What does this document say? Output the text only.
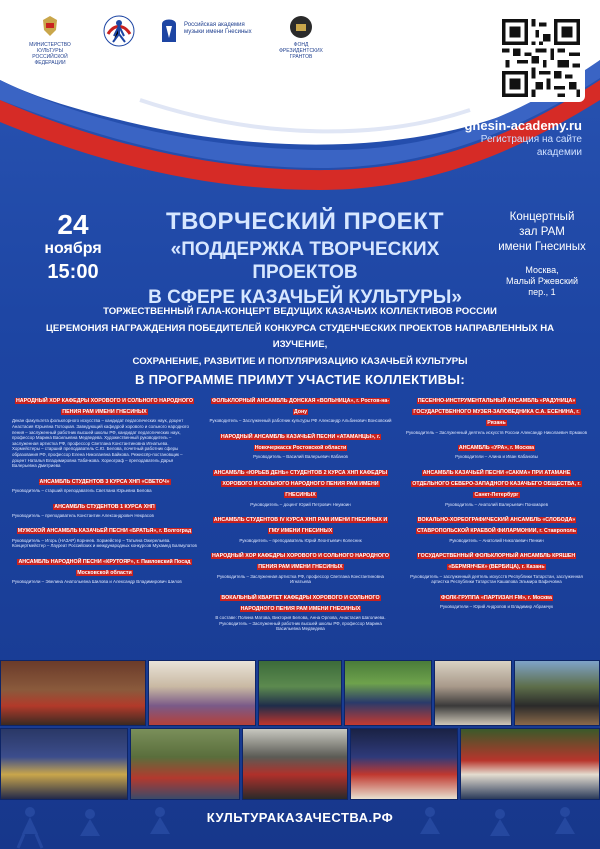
МИНИСТЕРСТВО КУЛЬТУРЫ РОССИЙСКОЙ ФЕДЕРАЦИИ
Российская академия музыки имени Гнесиных
ФОНД ФРЕЗИДЕНТСКИХ ГРАНТОВ
gnesin-academy.ru
Регистрация на сайте
академии
24
ноября
15:00
ТВОРЧЕСКИЙ ПРОЕКТ
«ПОДДЕРЖКА ТВОРЧЕСКИХ ПРОЕКТОВ
В СФЕРЕ КАЗАЧЬЕЙ КУЛЬТУРЫ»
Концертный
зал РАМ
имени Гнесиных
Москва,
Малый Ржевский пер., 1
ТОРЖЕСТВЕННЫЙ ГАЛА-КОНЦЕРТ ВЕДУЩИХ КАЗАЧЬИХ КОЛЛЕКТИВОВ РОССИИ
ЦЕРЕМОНИЯ НАГРАЖДЕНИЯ ПОБЕДИТЕЛЕЙ КОНКУРСА СТУДЕНЧЕСКИХ ПРОЕКТОВ НАПРАВЛЕННЫХ НА ИЗУЧЕНИЕ,
СОХРАНЕНИЕ, РАЗВИТИЕ И ПОПУЛЯРИЗАЦИЮ КАЗАЧЬЕЙ КУЛЬТУРЫ
В ПРОГРАММЕ ПРИМУТ УЧАСТИЕ КОЛЛЕКТИВЫ:
НАРОДНЫЙ ХОР КАФЕДРЫ ХОРОВОГО И СОЛЬНОГО НАРОДНОГО ПЕНИЯ РАМ ИМЕНИ ГНЕСИНЫХ
Декан факультета фольклорного искусства – кандидат педагогических наук, доцент Анастасия Юрьевна Потоцкая. Заведующий кафедрой хорового и сольного народного пения – заслуженный работник высшей школы РФ, кандидат педагогических наук, профессор Марина Васильевна Медведева. Художественный руководитель – заслуженная артистка РФ, профессор Светлана Константиновна Игнатьева. Хормейстеры – старший преподаватель С.Ю. Белова, почетный работник сферы образования РФ, профессор Елена Николаевна Байкова. Режиссёр-постановщик – доцент Наталья Владимировна Табачкова. Хореограф – преподаватель Дарья Валерьевна Дмитриева
АНСАМБЛЬ СТУДЕНТОВ 3 КУРСА ХНП «СВЕТОЧ»
Руководитель – старший преподаватель Светлана Юрьевна Белова
АНСАМБЛЬ СТУДЕНТОВ 1 КУРСА ХНП
Руководитель – преподаватель Константин Александрович Некрасов
МУЖСКОЙ АНСАМБЛЬ КАЗАЧЬЕЙ ПЕСНИ «БРАТЬЯ», г. Волгоград
Руководитель – Игорь (НАЗАР) Корнеев. Хормейстер – Татьяна Ожерельева. Концертмейстер – Лауреат Российских и международных конкурсов Мухамед Балмулатов
АНСАМБЛЬ НАРОДНОЙ ПЕСНИ «КРУТОЯР», г. Павловский Посад Московской области
Руководители – Эвелина Анатольевна Шилова и Александр Владимирович Шилов
ФОЛЬКЛОРНЫЙ АНСАМБЛЬ ДОНСКАЯ «ВОЛЬНИЦА», г. Ростов-на-Дону
Руководитель – Заслуженный работник культуры РФ Александр Альбинович Вонсовский
НАРОДНЫЙ АНСАМБЛЬ КАЗАЧЬЕЙ ПЕСНИ «АТАМАНЦЫ», г. Новочеркасск Ростовской области
Руководитель – Василий Валерьевич Кабанов
АНСАМБЛЬ «ЮРЬЕВ ДЕНЬ» СТУДЕНТОВ 2 КУРСА ХНП КАФЕДРЫ ХОРОВОГО И СОЛЬНОГО НАРОДНОГО ПЕНИЯ РАМ ИМЕНИ ГНЕСИНЫХ
Руководитель – доцент Юрий Петрович Неумоин
АНСАМБЛЬ СТУДЕНТОВ IV КУРСА ХНП РАМ ИМЕНИ ГНЕСИНЫХ И ГМУ ИМЕНИ ГНЕСИНЫХ
Руководитель – преподаватель Юрий Леонтьевич Колесник
НАРОДНЫЙ ХОР КАФЕДРЫ ХОРОВОГО И СОЛЬНОГО НАРОДНОГО ПЕНИЯ РАМ ИМЕНИ ГНЕСИНЫХ
Руководитель – Заслуженная артистка РФ, профессор Светлана Константиновна Игнатьева
ВОКАЛЬНЫЙ КВАРТЕТ КАФЕДРЫ ХОРОВОГО И СОЛЬНОГО НАРОДНОГО ПЕНИЯ РАМ ИМЕНИ ГНЕСИНЫХ
В составе: Полина Матова, Виктория Белова, Анна Орлова, Анастасия Шаголиева. Руководитель – Заслуженный работник высшей школы РФ, профессор Марина Васильевна Медведева
ПЕСЕННО-ИНСТРУМЕНТАЛЬНЫЙ АНСАМБЛЬ «РАДУНИЦА» ГОСУДАРСТВЕННОГО МУЗЕЯ-ЗАПОВЕДНИКА С.А. ЕСЕНИНА, г. Рязань
Руководитель – Заслуженный деятель искусств России Александр Николаевич Ермаков
АНСАМБЛЬ «УРА», г. Москва
Руководители – Алина и Иван Кабановы
АНСАМБЛЬ КАЗАЧЬЕЙ ПЕСНИ «САКМА» ПРИ АТАМАНЕ ОТДЕЛЬНОГО СЕВЕРО-ЗАПАДНОГО КАЗАЧЬЕГО ОБЩЕСТВА, г. Санкт-Петербург
Руководитель – Анатолий Валерьевич Пономарев
ВОКАЛЬНО-ХОРЕОГРАФИЧЕСКИЙ АНСАМБЛЬ «СЛОБОДА» СТАВРОПОЛЬСКОЙ КРАЕВОЙ ФИЛАРМОНИИ, г. Ставрополь
Руководитель – Анатолий Николаевич Пенкин
ГОСУДАРСТВЕННЫЙ ФОЛЬКЛОРНЫЙ АНСАМБЛЬ КРЯШЕН «БЕРМЯНЧЕК» (ВЕРБИЦА), г. Казань
Руководитель – заслуженный деятель искусств Республики Татарстан, заслуженная артистка Республики Татарстан Кашапова Эльмира Вафичовна
ФОЛК-ГРУППА «ПАРТИЗАН FM», г. Москва
Руководители – Юрий Андропов и Владимир Абрамчук
КУЛЬТУРАКАЗАЧЕСТВА.РФ
